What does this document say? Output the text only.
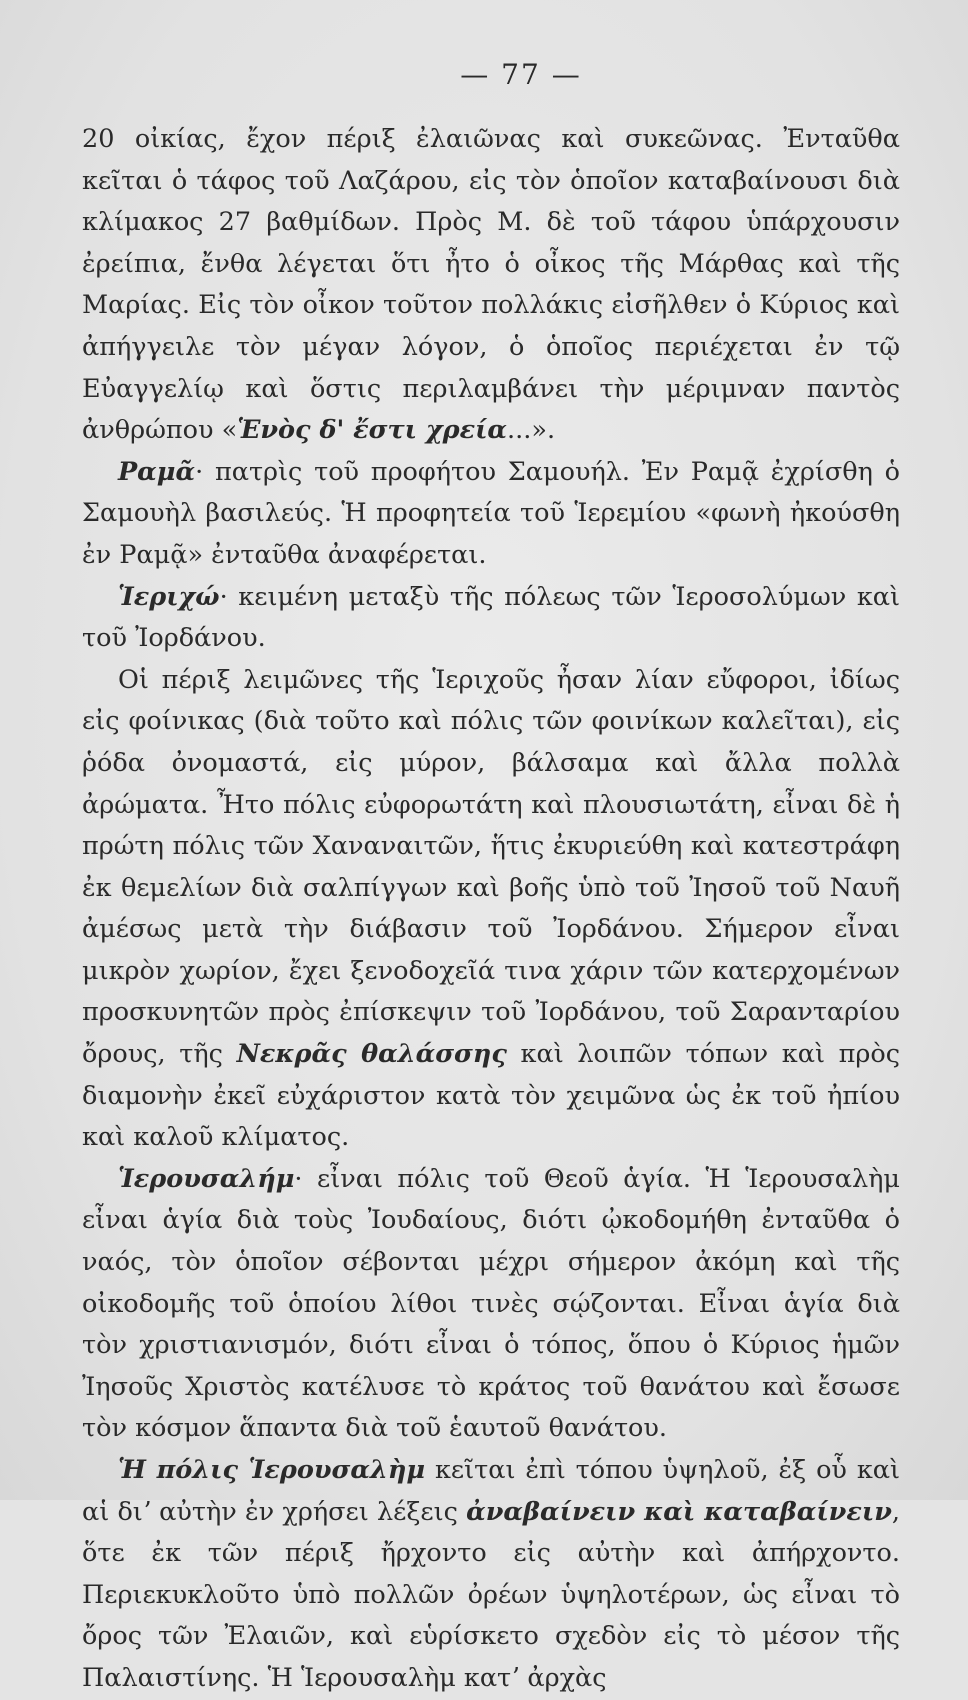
— 77 —

20 οἰκίας, ἔχον πέριξ ἐλαιῶνας καὶ συκεῶνας. Ἐνταῦθα κεῖται ὁ τάφος τοῦ Λαζάρου, εἰς τὸν ὁποῖον καταβαίνουσι διὰ κλίμακος 27 βαθμίδων. Πρὸς Μ. δὲ τοῦ τάφου ὑπάρχουσιν ἐρείπια, ἔνθα λέγεται ὅτι ἦτο ὁ οἶκος τῆς Μάρθας καὶ τῆς Μαρίας. Εἰς τὸν οἶκον τοῦτον πολλάκις εἰσῆλθεν ὁ Κύριος καὶ ἀπήγγειλε τὸν μέγαν λόγον, ὁ ὁποῖος περιέχεται ἐν τῷ Εὐαγγελίῳ καὶ ὅστις περιλαμβάνει τὴν μέριμναν παντὸς ἀνθρώπου «Ἑνὸς δ' ἔστι χρεία...».

Ραμᾶ· πατρὶς τοῦ προφήτου Σαμουήλ. Ἐν Ραμᾷ ἐχρίσθη ὁ Σαμουὴλ βασιλεύς. Ἡ προφητεία τοῦ Ἱερεμίου «φωνὴ ἠκούσθη ἐν Ραμᾷ» ἐνταῦθα ἀναφέρεται.

Ἱεριχώ· κειμένη μεταξὺ τῆς πόλεως τῶν Ἱεροσολύμων καὶ τοῦ Ἰορδάνου.

Οἱ πέριξ λειμῶνες τῆς Ἱεριχοῦς ἦσαν λίαν εὔφοροι, ἰδίως εἰς φοίνικας (διὰ τοῦτο καὶ πόλις τῶν φοινίκων καλεῖται), εἰς ῥόδα ὀνομαστά, εἰς μύρον, βάλσαμα καὶ ἄλλα πολλὰ ἀρώματα. Ἦτο πόλις εὐφορωτάτη καὶ πλουσιωτάτη, εἶναι δὲ ἡ πρώτη πόλις τῶν Χαναναιτῶν, ἥτις ἐκυριεύθη καὶ κατεστράφη ἐκ θεμελίων διὰ σαλπίγγων καὶ βοῆς ὑπὸ τοῦ Ἰησοῦ τοῦ Ναυῆ ἀμέσως μετὰ τὴν διάβασιν τοῦ Ἰορδάνου. Σήμερον εἶναι μικρὸν χωρίον, ἔχει ξενοδοχεῖά τινα χάριν τῶν κατερχομένων προσκυνητῶν πρὸς ἐπίσκεψιν τοῦ Ἰορδάνου, τοῦ Σαρανταρίου ὄρους, τῆς Νεκρᾶς θαλάσσης καὶ λοιπῶν τόπων καὶ πρὸς διαμονὴν ἐκεῖ εὐχάριστον κατὰ τὸν χειμῶνα ὡς ἐκ τοῦ ἠπίου καὶ καλοῦ κλίματος.

Ἱερουσαλήμ· εἶναι πόλις τοῦ Θεοῦ ἁγία. Ἡ Ἱερουσαλὴμ εἶναι ἁγία διὰ τοὺς Ἰουδαίους, διότι ᾠκοδομήθη ἐνταῦθα ὁ ναός, τὸν ὁποῖον σέβονται μέχρι σήμερον ἀκόμη καὶ τῆς οἰκοδομῆς τοῦ ὁποίου λίθοι τινὲς σῴζονται. Εἶναι ἁγία διὰ τὸν χριστιανισμόν, διότι εἶναι ὁ τόπος, ὅπου ὁ Κύριος ἡμῶν Ἰησοῦς Χριστὸς κατέλυσε τὸ κράτος τοῦ θανάτου καὶ ἔσωσε τὸν κόσμον ἅπαντα διὰ τοῦ ἑαυτοῦ θανάτου.

Ἡ πόλις Ἱερουσαλὴμ κεῖται ἐπὶ τόπου ὑψηλοῦ, ἐξ οὗ καὶ αἱ διʼ αὐτὴν ἐν χρήσει λέξεις ἀναβαίνειν καὶ καταβαίνειν, ὅτε ἐκ τῶν πέριξ ἤρχοντο εἰς αὐτὴν καὶ ἀπήρχοντο. Περιεκυκλοῦτο ὑπὸ πολλῶν ὀρέων ὑψηλοτέρων, ὡς εἶναι τὸ ὄρος τῶν Ἐλαιῶν, καὶ εὑρίσκετο σχεδὸν εἰς τὸ μέσον τῆς Παλαιστίνης. Ἡ Ἱερουσαλὴμ κατʼ ἀρχὰς
